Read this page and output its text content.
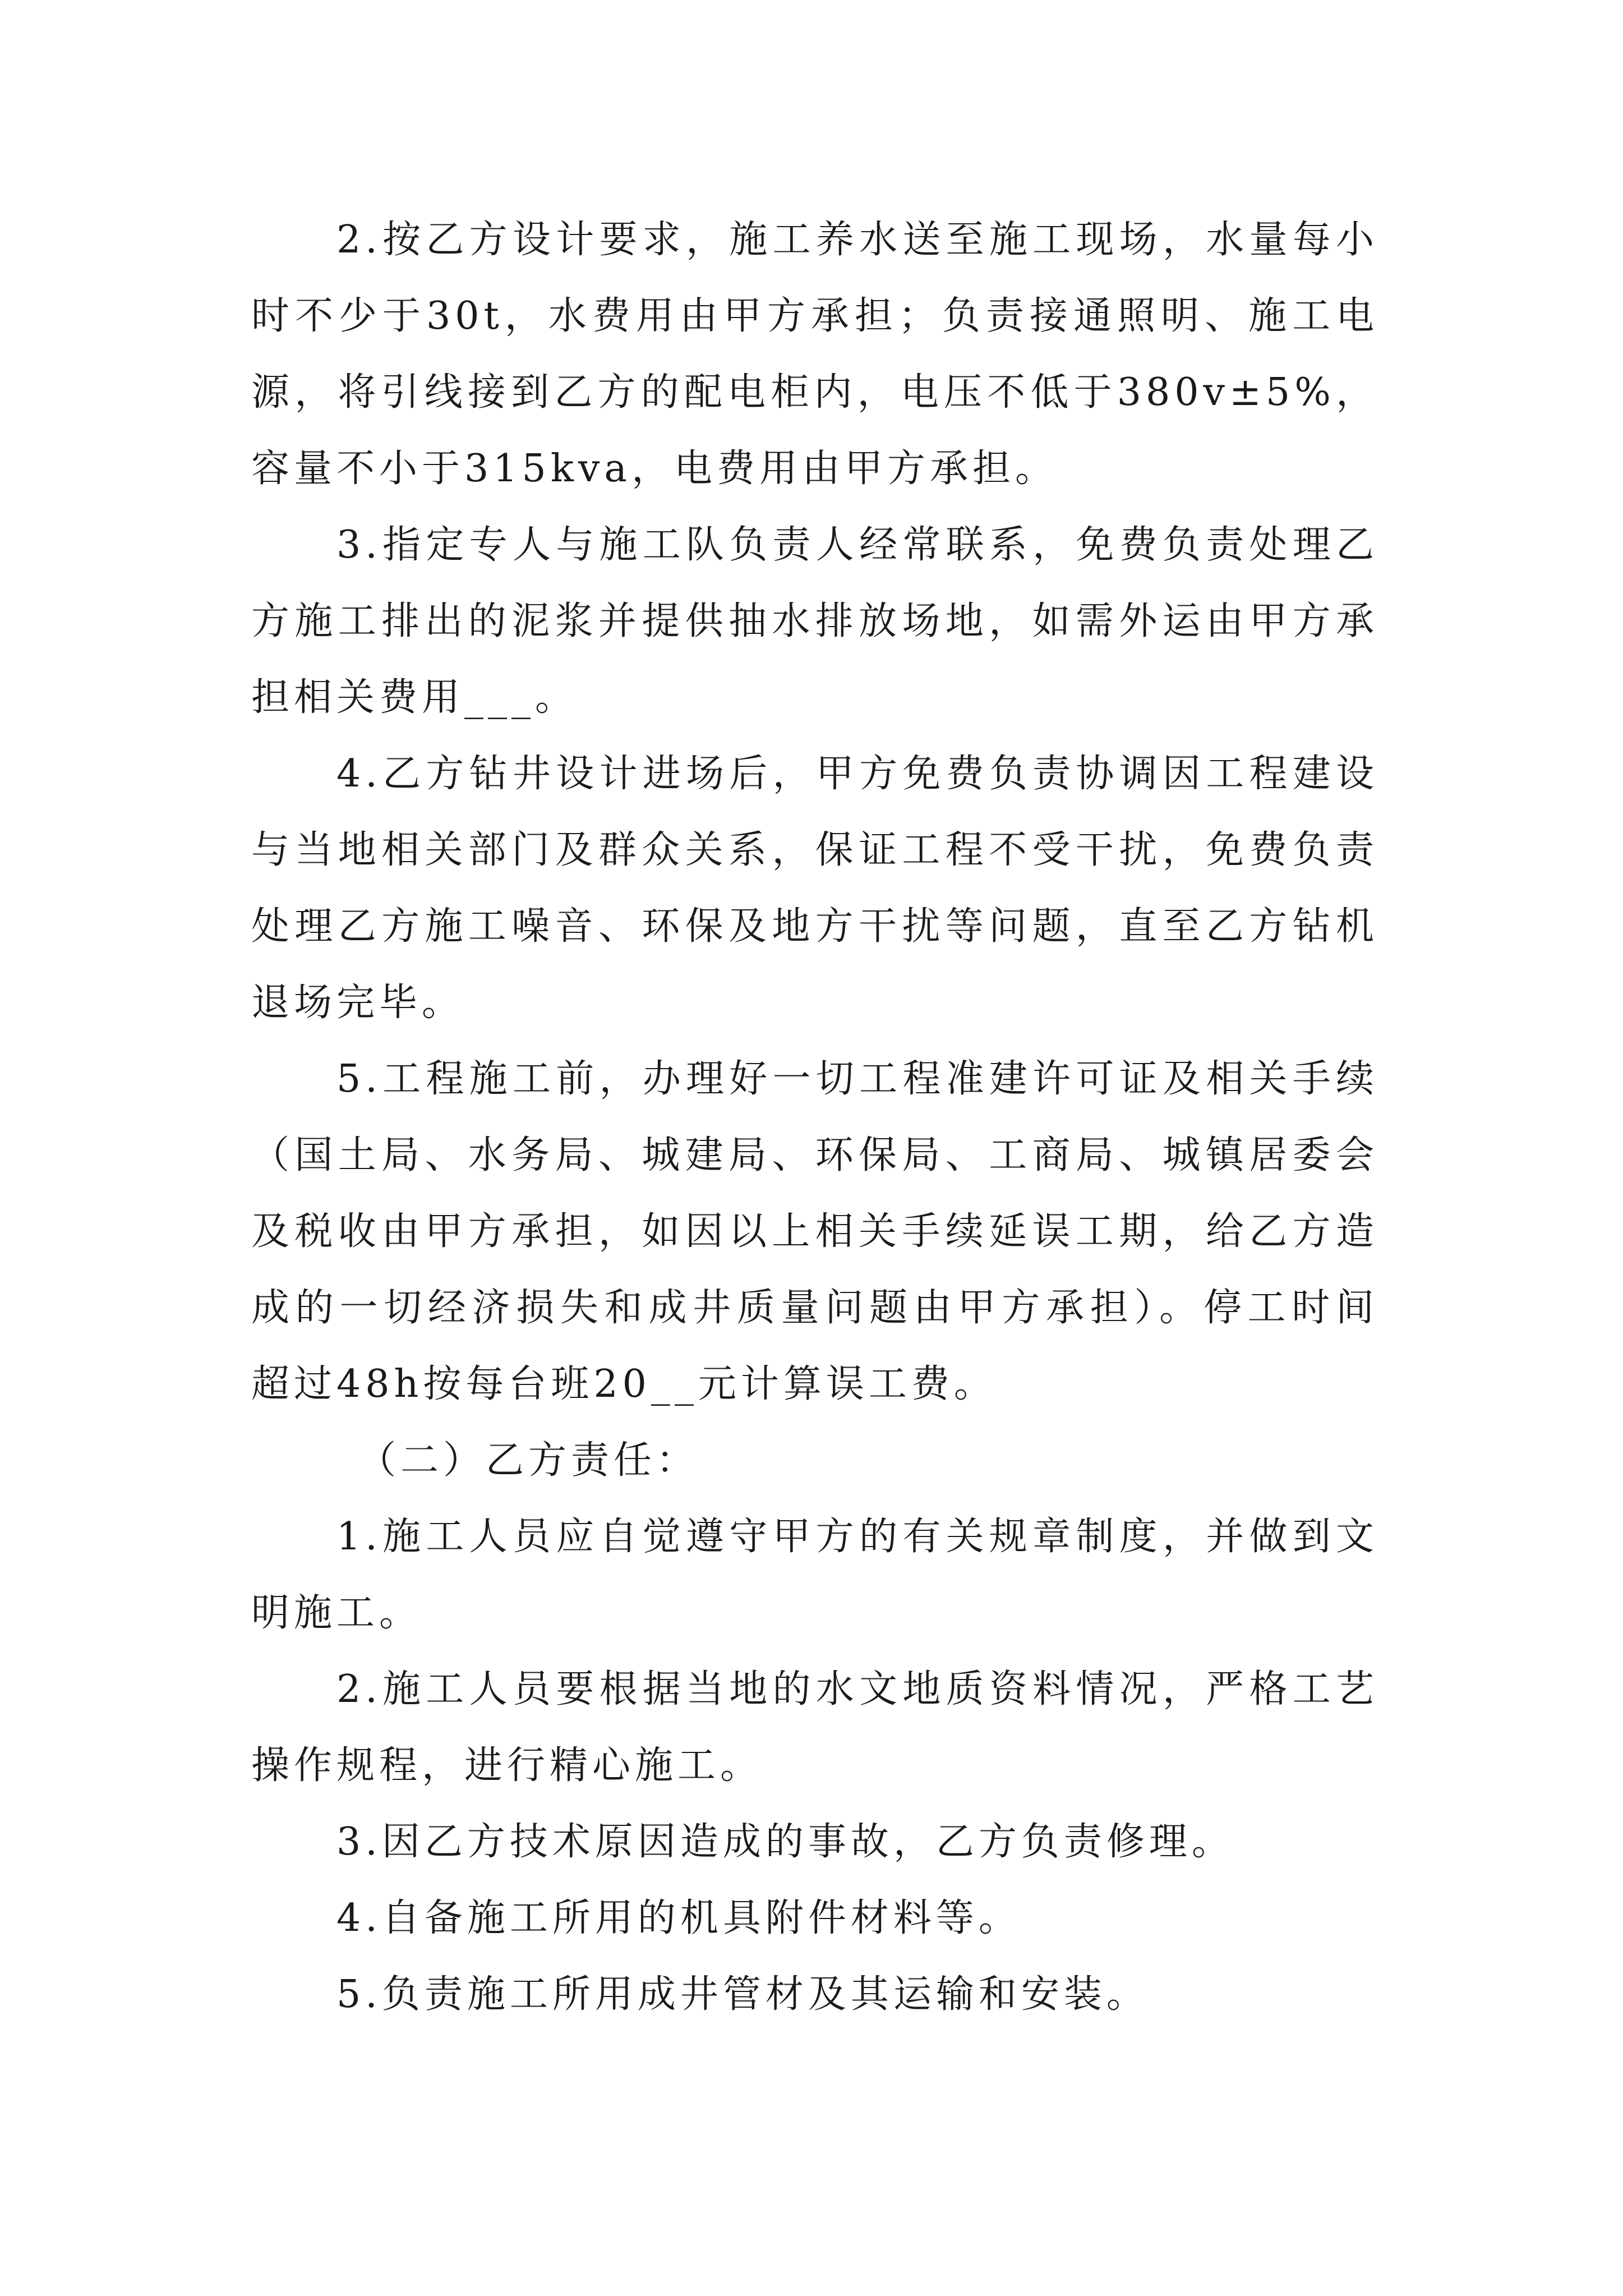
2.按乙方设计要求，施工养水送至施工现场，水量每小时不少于30t，水费用由甲方承担；负责接通照明、施工电源，将引线接到乙方的配电柜内，电压不低于380v±5%，容量不小于315kva，电费用由甲方承担。

3.指定专人与施工队负责人经常联系，免费负责处理乙方施工排出的泥浆并提供抽水排放场地，如需外运由甲方承担相关费用___。

4.乙方钻井设计进场后，甲方免费负责协调因工程建设与当地相关部门及群众关系，保证工程不受干扰，免费负责处理乙方施工噪音、环保及地方干扰等问题，直至乙方钻机退场完毕。

5.工程施工前，办理好一切工程准建许可证及相关手续（国土局、水务局、城建局、环保局、工商局、城镇居委会及税收由甲方承担，如因以上相关手续延误工期，给乙方造成的一切经济损失和成井质量问题由甲方承担）。停工时间超过48h按每台班20__元计算误工费。

（二）乙方责任：

1.施工人员应自觉遵守甲方的有关规章制度，并做到文明施工。

2.施工人员要根据当地的水文地质资料情况，严格工艺操作规程，进行精心施工。

3.因乙方技术原因造成的事故，乙方负责修理。

4.自备施工所用的机具附件材料等。

5.负责施工所用成井管材及其运输和安装。
